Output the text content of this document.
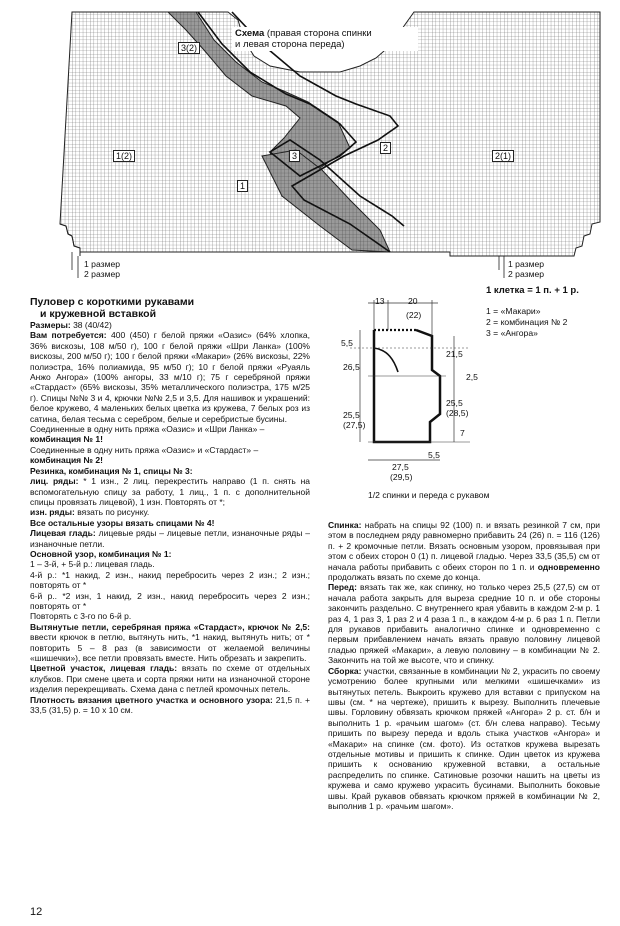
Схема (правая сторона спинки
и левая сторона переда)
3(2)
1(2)	3
1
2
2(1)
1 размер
2 размер
1 размер
2 размер
1 клетка = 1 п. + 1 р.
1 = «Макари»
2 = комбинация № 2
3 = «Ангора»
13	20
(22)
5,5
21,5
26,5
2,5
25,5
(28,5)
25,5
(27,5)
7
27,5
(29,5)
5,5
1/2 спинки и переда с рукавом

Пуловер с короткими рукавами

и кружевной вставкой

Размеры: 38 (40/42)

Вам потребуется: 400 (450) г белой пряжи «Оазис» (64% хлопка, 36% вискозы, 108 м/50 г), 100 г белой пряжи «Шри Ланка» (100% вискозы, 200 м/50 г); 100 г белой пряжи «Макари» (26% вискозы, 22% полиэстра, 16% полиамида, 95 м/50 г); 10 г белой пряжи «Руаяль Анжо Ангора» (100% ангоры, 33 м/10 г); 75 г серебряной пряжи «Стардаст» (65% вискозы, 35% металлического полиэстра, 175 м/25 г). Спицы №№ 3 и 4, крючки №№ 2,5 и 3,5. Для нашивок и украшений: белое кружево, 4 маленьких белых цветка из кружева, 7 белых роз из сатина, белая тесьма с серебром, белые и серебристые бусины.

Соединенные в одну нить пряжа «Оазис» и «Шри Ланка» –

комбинация № 1!

Соединенные в одну нить пряжа «Оазис» и «Стардаст» –

комбинация № 2!

Резинка, комбинация № 1, спицы № 3:

лиц. ряды: * 1 изн., 2 лиц. перекрестить направо (1 п. снять на вспомогательную спицу за работу, 1 лиц., 1 п. с дополнительной спицы провязать лицевой), 1 изн. Повторять от *;

изн. ряды: вязать по рисунку.

Все остальные узоры вязать спицами № 4!

Лицевая гладь: лицевые ряды – лицевые петли, изнаночные ряды – изнаночные петли.

Основной узор, комбинация № 1:

1 – 3-й, + 5-й р.: лицевая гладь.

4-й р.: *1 накид, 2 изн., накид перебросить через 2 изн.; 2 изн.; повторять от *

6-й р.. *2 изн, 1 накид, 2 изн., накид перебросить через 2 изн.; повторять от *

Повторять с 3-го по 6-й р.

Вытянутые петли, серебряная пряжа «Стардаст», крючок № 2,5: ввести крючок в петлю, вытянуть нить, *1 накид, вытянуть нить; от * повторить 5 – 8 раз (в зависимости от желаемой величины «шишечки»), все петли провязать вместе. Нить обрезать и закрепить.

Цветной участок, лицевая гладь: вязать по схеме от отдельных клубков. При смене цвета и сорта пряжи нити на изнаночной стороне изделия перекрещивать. Схема дана с петлей кромочных петель.

Плотность вязания цветного участка и основного узора: 21,5 п. + 33,5 (31,5) р. = 10 х 10 см.

Спинка: набрать на спицы 92 (100) п. и вязать резинкой 7 см, при этом в последнем ряду равномерно прибавить 24 (26) п. = 116 (126) п. + 2 кромочные петли. Вязать основным узором, провязывая при этом с обеих сторон 0 (1) п. лицевой гладью. Через 33,5 (35,5) см от начала работы прибавить с обеих сторон по 1 п. и одновременно продолжать вязать по схеме до конца.

Перед: вязать так же, как спинку, но только через 25,5 (27,5) см от начала работа закрыть для выреза средние 10 п. и обе стороны закончить раздельно. С внутреннего края убавить в каждом 2-м р. 1 раз 4, 1 раз 3, 1 раз 2 и 4 раза 1 п., в каждом 4-м р. 6 раз 1 п. Петли для рукавов прибавить аналогично спинке и одновременно с первым прибавлением начать вязать правую половину лицевой гладью пряжей «Макари», а левую половину – в комбинации № 2. Закончить на той же высоте, что и спинку.

Сборка: участки, связанные в комбинации № 2, украсить по своему усмотрению более крупными или мелкими «шишечками» из вытянутых петель. Выкроить кружево для вставки с припуском на швы (см. * на чертеже), пришить к вырезу. Выполнить плечевые швы. Горловину обвязать крючком пряжей «Ангора» 2 р. ст. б/н и выполнить 1 р. «рачьим шагом» (ст. б/н слева направо). Тесьму пришить по вырезу переда и вдоль стыка участков «Ангора» и «Макари» на спинке (см. фото). Из остатков кружева вырезать отдельные мотивы и пришить к спинке. Один цветок из кружева пришить к основанию кружевной вставки, а остальные распределить по спинке. Сатиновые розочки нашить на цветы из кружева и само кружево украсить бусинами. Выполнить боковые швы. Край рукавов обвязать крючком пряжей в комбинации № 2, выполнив 1 р. «рачьим шагом».

12
